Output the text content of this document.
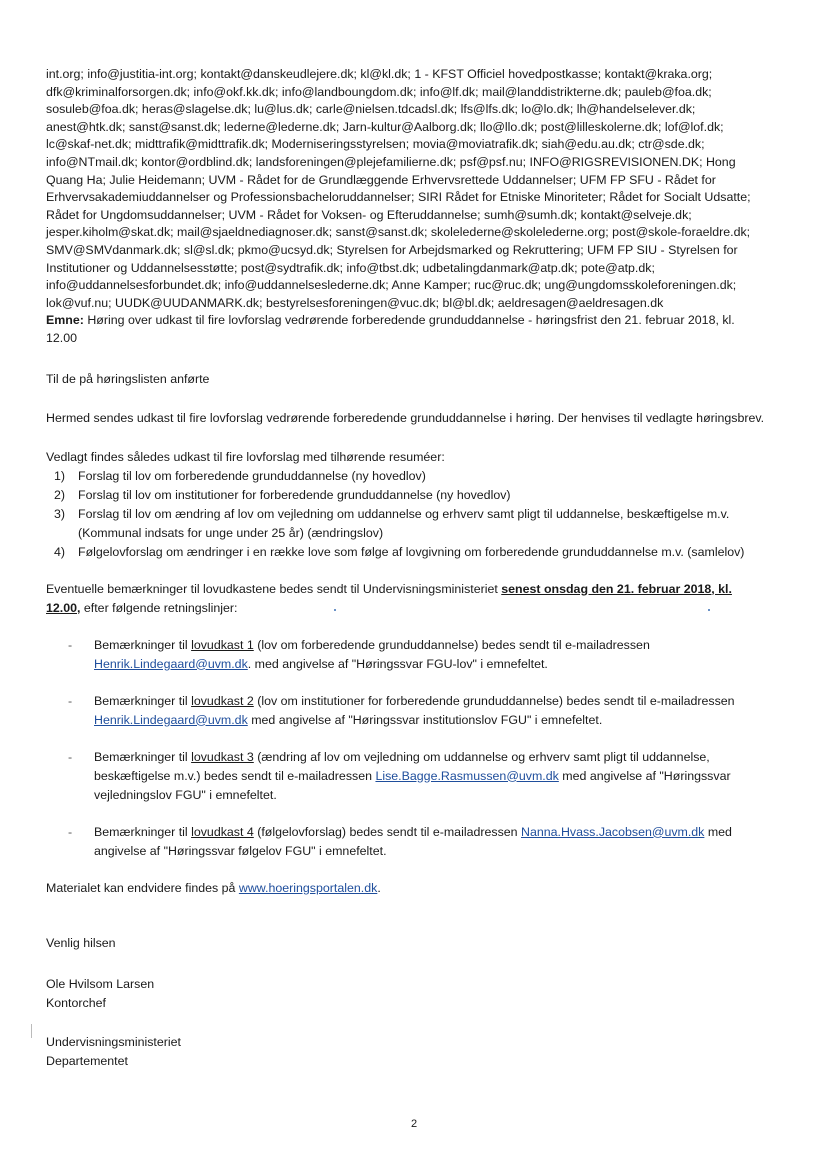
int.org; info@justitia-int.org; kontakt@danskeudlejere.dk; kl@kl.dk; 1 - KFST Officiel hovedpostkasse; kontakt@kraka.org; dfk@kriminalforsorgen.dk; info@okf.kk.dk; info@landboungdom.dk; info@lf.dk; mail@landdistrikterne.dk; pauleb@foa.dk; sosuleb@foa.dk; heras@slagelse.dk; lu@lus.dk; carle@nielsen.tdcadsl.dk; lfs@lfs.dk; lo@lo.dk; lh@handelselever.dk; anest@htk.dk; sanst@sanst.dk; lederne@lederne.dk; Jarn-kultur@Aalborg.dk; llo@llo.dk; post@lilleskolerne.dk; lof@lof.dk; lc@skaf-net.dk; midttrafik@midttrafik.dk; Moderniseringsstyrelsen; movia@moviatrafik.dk; siah@edu.au.dk; ctr@sde.dk; info@NTmail.dk; kontor@ordblind.dk; landsforeningen@plejefamilierne.dk; psf@psf.nu; INFO@RIGSREVISIONEN.DK; Hong Quang Ha; Julie Heidemann; UVM - Rådet for de Grundlæggende Erhvervsrettede Uddannelser; UFM FP SFU - Rådet for Erhvervsakademiuddannelser og Professionsbacheloruddannelser; SIRI Rådet for Etniske Minoriteter; Rådet for Socialt Udsatte; Rådet for Ungdomsuddannelser; UVM - Rådet for Voksen- og Efteruddannelse; sumh@sumh.dk; kontakt@selveje.dk; jesper.kiholm@skat.dk; mail@sjaeldnediagnoser.dk; sanst@sanst.dk; skolelederne@skolelederne.org; post@skole-foraeldre.dk; SMV@SMVdanmark.dk; sl@sl.dk; pkmo@ucsyd.dk; Styrelsen for Arbejdsmarked og Rekruttering; UFM FP SIU - Styrelsen for Institutioner og Uddannelsesstøtte; post@sydtrafik.dk; info@tbst.dk; udbetalingdanmark@atp.dk; pote@atp.dk; info@uddannelsesforbundet.dk; info@uddannelseslederne.dk; Anne Kamper; ruc@ruc.dk; ung@ungdomsskoleforeningen.dk; lok@vuf.nu; UUDK@UUDANMARK.dk; bestyrelsesforeningen@vuc.dk; bl@bl.dk; aeldresagen@aeldresagen.dk

Emne: Høring over udkast til fire lovforslag vedrørende forberedende grunduddannelse - høringsfrist den 21. februar 2018, kl. 12.00

Til de på høringslisten anførte

Hermed sendes udkast til fire lovforslag vedrørende forberedende grunduddannelse i høring. Der henvises til vedlagte høringsbrev.

Vedlagt findes således udkast til fire lovforslag med tilhørende resuméer:

1) Forslag til lov om forberedende grunduddannelse (ny hovedlov)
2) Forslag til lov om institutioner for forberedende grunduddannelse (ny hovedlov)
3) Forslag til lov om ændring af lov om vejledning om uddannelse og erhverv samt pligt til uddannelse, beskæftigelse m.v. (Kommunal indsats for unge under 25 år) (ændringslov)
4) Følgelovforslag om ændringer i en række love som følge af lovgivning om forberedende grunduddannelse m.v. (samlelov)

Eventuelle bemærkninger til lovudkastene bedes sendt til Undervisningsministeriet senest onsdag den 21. februar 2018, kl. 12.00, efter følgende retningslinjer:

- Bemærkninger til lovudkast 1 (lov om forberedende grunduddannelse) bedes sendt til e-mailadressen Henrik.Lindegaard@uvm.dk. med angivelse af "Høringssvar FGU-lov" i emnefeltet.
- Bemærkninger til lovudkast 2 (lov om institutioner for forberedende grunduddannelse) bedes sendt til e-mailadressen Henrik.Lindegaard@uvm.dk med angivelse af "Høringssvar institutionslov FGU" i emnefeltet.
- Bemærkninger til lovudkast 3 (ændring af lov om vejledning om uddannelse og erhverv samt pligt til uddannelse, beskæftigelse m.v.) bedes sendt til e-mailadressen Lise.Bagge.Rasmussen@uvm.dk med angivelse af "Høringssvar vejledningslov FGU" i emnefeltet.
- Bemærkninger til lovudkast 4 (følgelovforslag) bedes sendt til e-mailadressen Nanna.Hvass.Jacobsen@uvm.dk med angivelse af "Høringssvar følgelov FGU" i emnefeltet.

Materialet kan endvidere findes på www.hoeringsportalen.dk.

Venlig hilsen

Ole Hvilsom Larsen

Kontorchef

Undervisningsministeriet

Departementet

2
